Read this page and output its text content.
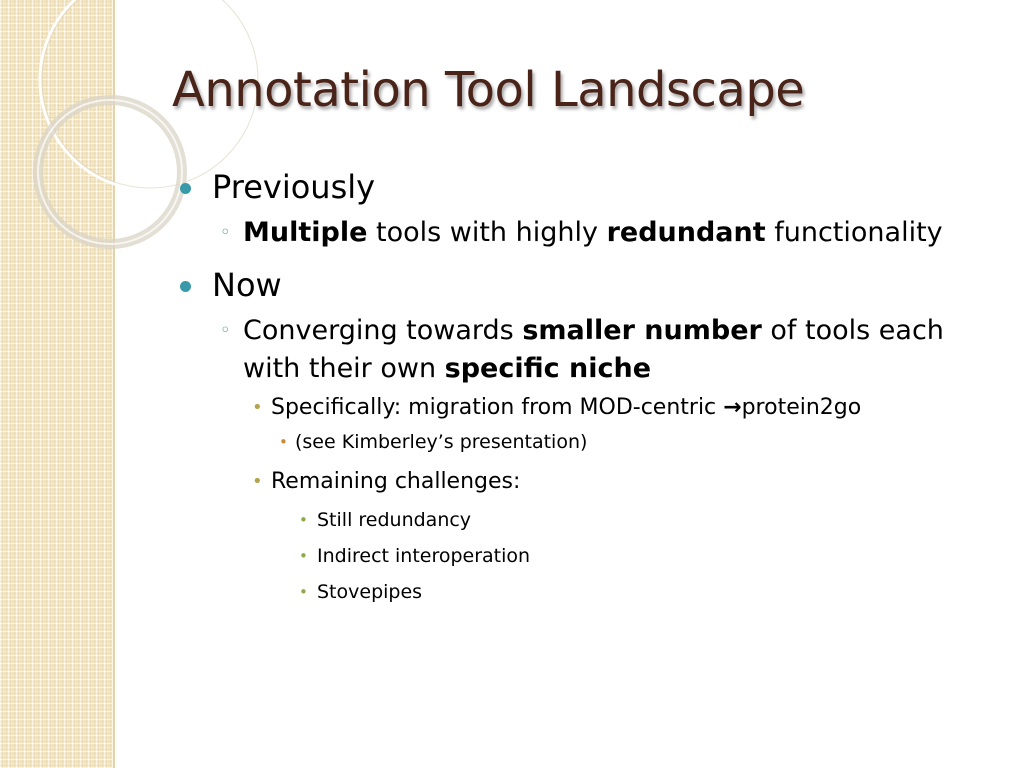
Annotation Tool Landscape
Previously
◦ Multiple tools with highly redundant functionality
Now
◦ Converging towards smaller number of tools each with their own specific niche
• Specifically: migration from MOD-centric →protein2go
• (see Kimberley’s presentation)
• Remaining challenges:
• Still redundancy
• Indirect interoperation
• Stovepipes
